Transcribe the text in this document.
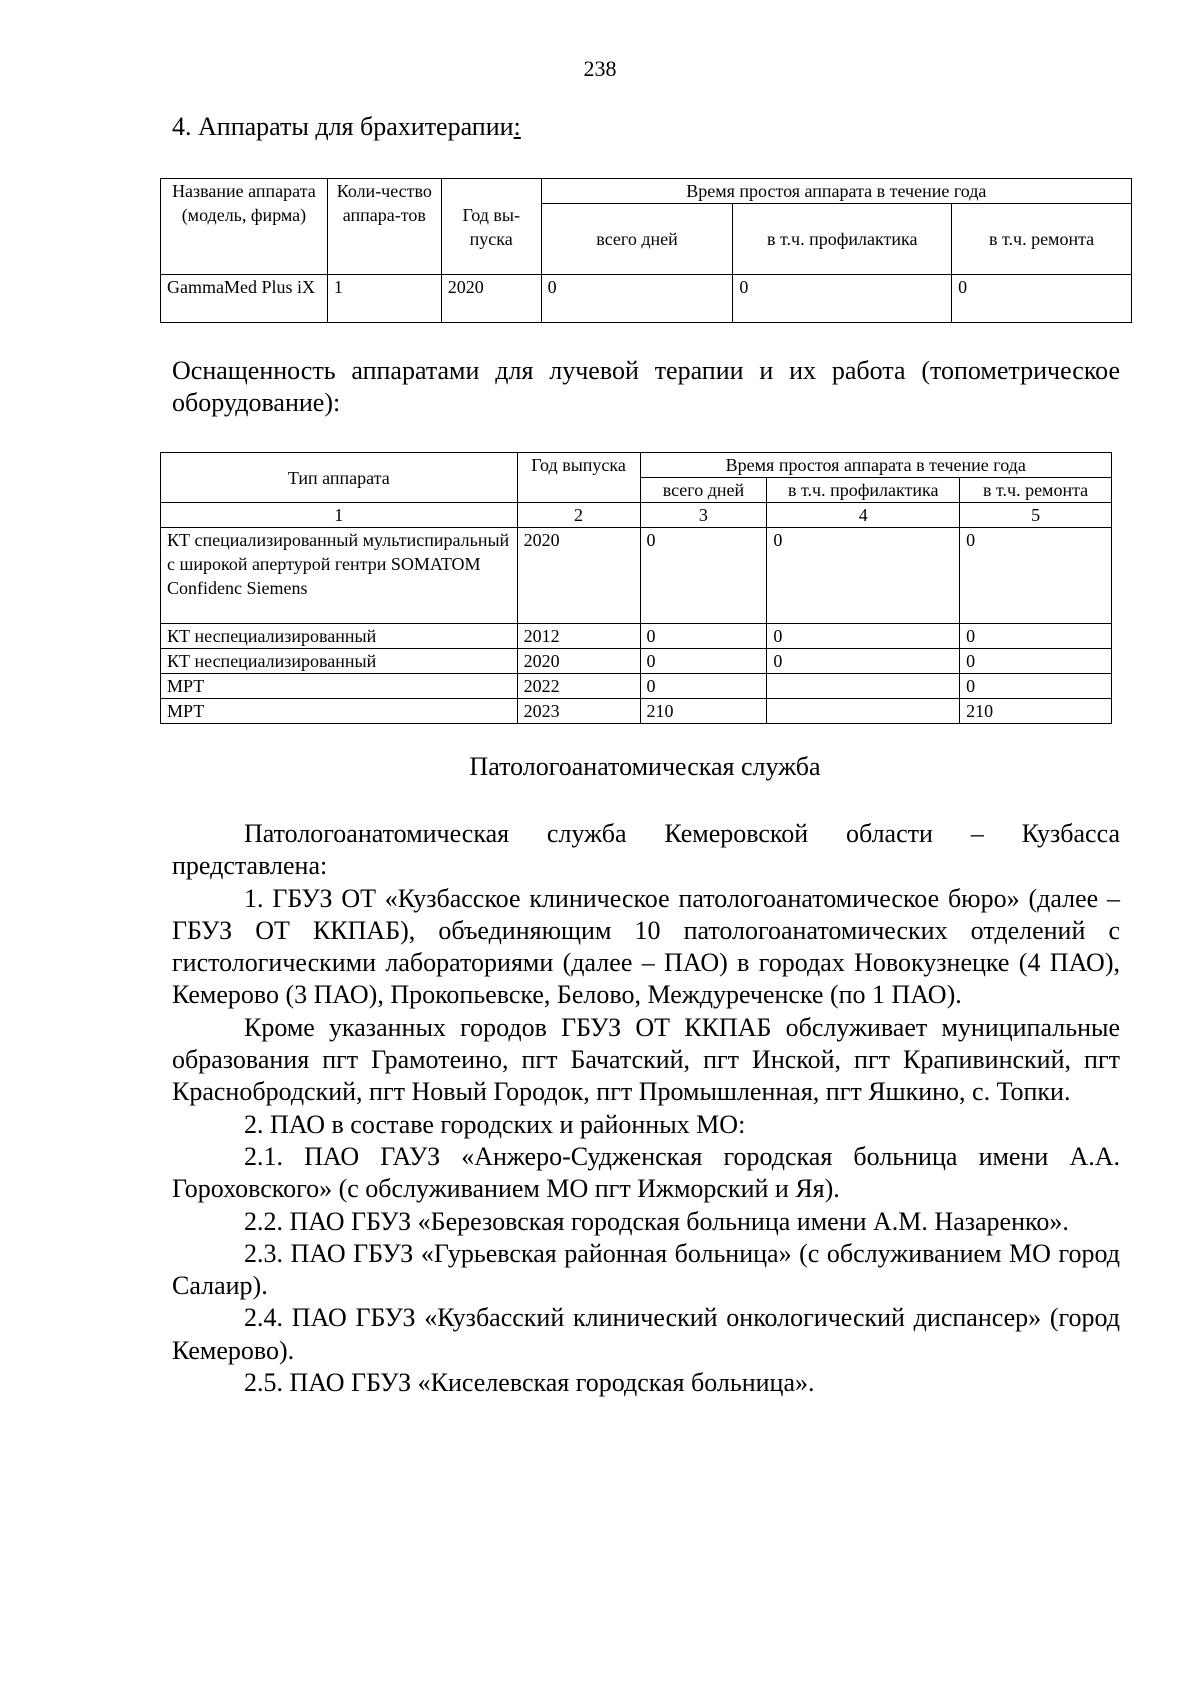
238
4. Аппараты для брахитерапии:
Название аппарата (модель, фирма)	Коли-чество аппара-тов	Год вы-пуска	Время простоя аппарата в течение года		
			всего дней	в т.ч. профилактика	в т.ч. ремонта
GammaMed Plus iX	1	2020	0	0	0
Оснащенность аппаратами для лучевой терапии и их работа (топометрическое оборудование):
Тип аппарата	Год выпуска	Время простоя аппарата в течение года		
		всего дней	в т.ч. профилактика	в т.ч. ремонта
1	2	3	4	5
КТ специализированный мультиспиральный с широкой апертурой гентри SOMATOM Confidenc Siemens	2020	0	0	0
КТ неспециализированный	2012	0	0	0
КТ неспециализированный	2020	0	0	0
МРТ	2022	0		0
МРТ	2023	210		210
Патологоанатомическая служба

Патологоанатомическая служба Кемеровской области – Кузбасса представлена:

1. ГБУЗ ОТ «Кузбасское клиническое патологоанатомическое бюро» (далее – ГБУЗ ОТ ККПАБ), объединяющим 10 патологоанатомических отделений с гистологическими лабораториями (далее – ПАО) в городах Новокузнецке (4 ПАО), Кемерово (3 ПАО), Прокопьевске, Белово, Междуреченске (по 1 ПАО).

Кроме указанных городов ГБУЗ ОТ ККПАБ обслуживает муниципальные образования пгт Грамотеино, пгт Бачатский, пгт Инской, пгт Крапивинский, пгт Краснобродский, пгт Новый Городок, пгт Промышленная, пгт Яшкино, с. Топки.

2. ПАО в составе городских и районных МО:

2.1. ПАО ГАУЗ «Анжеро-Судженская городская больница имени А.А. Гороховского» (с обслуживанием МО пгт Ижморский и Яя).

2.2. ПАО ГБУЗ «Березовская городская больница имени А.М. Назаренко».

2.3. ПАО ГБУЗ «Гурьевская районная больница» (с обслуживанием МО город Салаир).

2.4. ПАО ГБУЗ «Кузбасский клинический онкологический диспансер» (город Кемерово).

2.5. ПАО ГБУЗ «Киселевская городская больница».
